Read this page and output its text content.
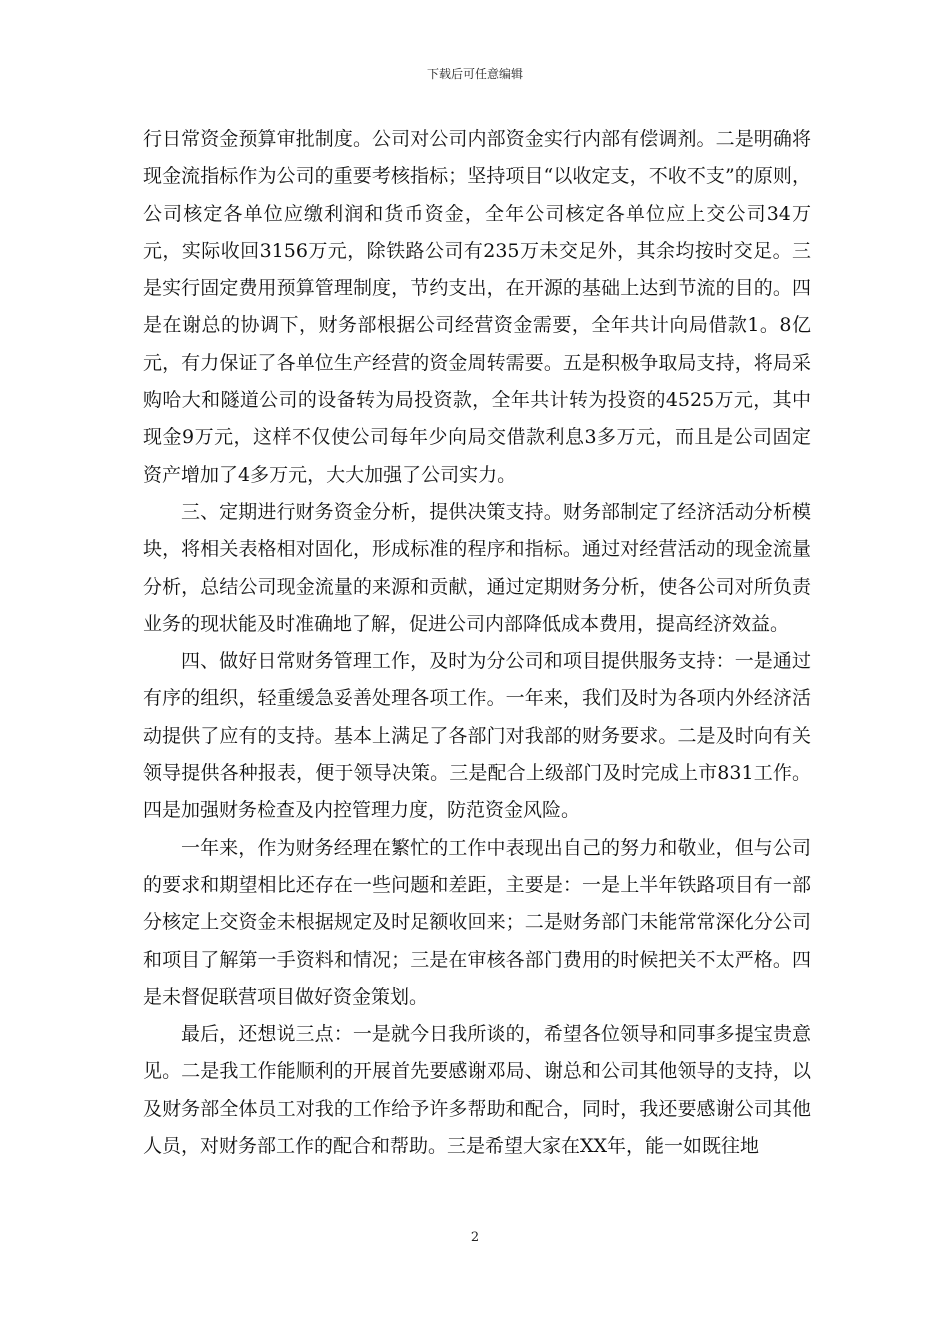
下载后可任意编辑

行日常资金预算审批制度。公司对公司内部资金实行内部有偿调剂。二是明确将现金流指标作为公司的重要考核指标；坚持项目“以收定支，不收不支”的原则，公司核定各单位应缴利润和货币资金，全年公司核定各单位应上交公司34万元，实际收回3156万元，除铁路公司有235万未交足外，其余均按时交足。三是实行固定费用预算管理制度，节约支出，在开源的基础上达到节流的目的。四是在谢总的协调下，财务部根据公司经营资金需要，全年共计向局借款1。8亿元，有力保证了各单位生产经营的资金周转需要。五是积极争取局支持，将局采购哈大和隧道公司的设备转为局投资款，全年共计转为投资的4525万元，其中现金9万元，这样不仅使公司每年少向局交借款利息3多万元，而且是公司固定资产增加了4多万元，大大加强了公司实力。

三、定期进行财务资金分析，提供决策支持。财务部制定了经济活动分析模块，将相关表格相对固化，形成标准的程序和指标。通过对经营活动的现金流量分析，总结公司现金流量的来源和贡献，通过定期财务分析，使各公司对所负责业务的现状能及时准确地了解，促进公司内部降低成本费用，提高经济效益。

四、做好日常财务管理工作，及时为分公司和项目提供服务支持：一是通过有序的组织，轻重缓急妥善处理各项工作。一年来，我们及时为各项内外经济活动提供了应有的支持。基本上满足了各部门对我部的财务要求。二是及时向有关领导提供各种报表，便于领导决策。三是配合上级部门及时完成上市831工作。四是加强财务检查及内控管理力度，防范资金风险。

一年来，作为财务经理在繁忙的工作中表现出自己的努力和敬业，但与公司的要求和期望相比还存在一些问题和差距，主要是：一是上半年铁路项目有一部分核定上交资金未根据规定及时足额收回来；二是财务部门未能常常深化分公司和项目了解第一手资料和情况；三是在审核各部门费用的时候把关不太严格。四是未督促联营项目做好资金策划。

最后，还想说三点：一是就今日我所谈的，希望各位领导和同事多提宝贵意见。二是我工作能顺利的开展首先要感谢邓局、谢总和公司其他领导的支持，以及财务部全体员工对我的工作给予许多帮助和配合，同时，我还要感谢公司其他人员，对财务部工作的配合和帮助。三是希望大家在XX年，能一如既往地

2
